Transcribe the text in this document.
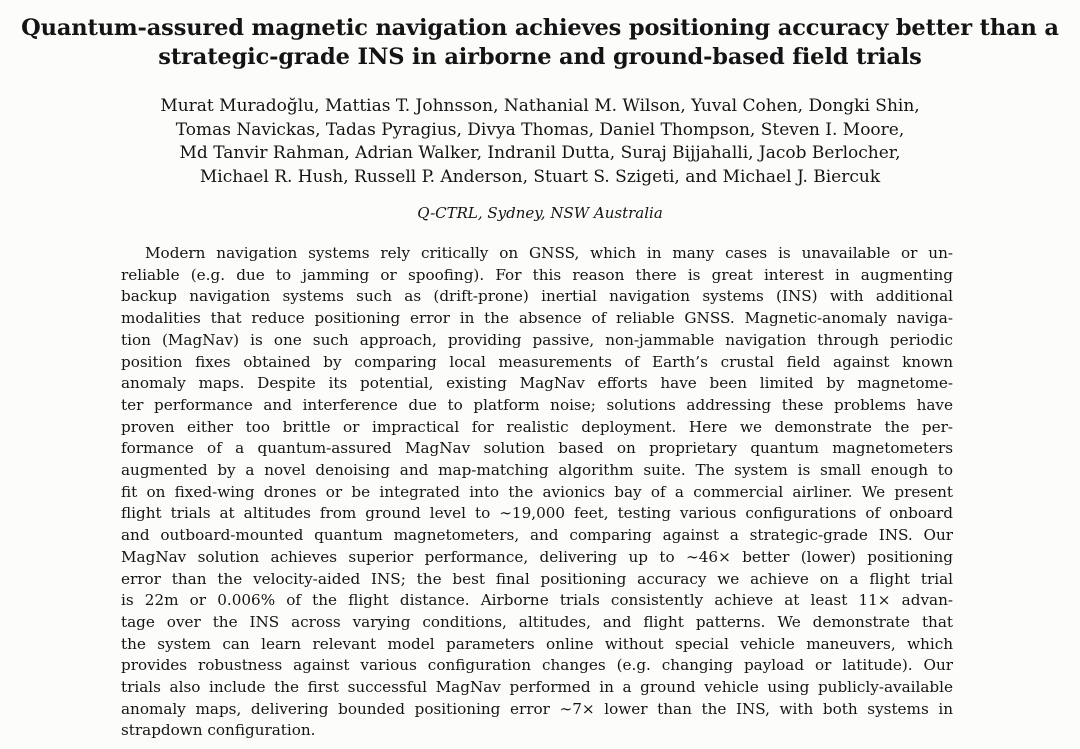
Quantum-assured magnetic navigation achieves positioning accuracy better than a
strategic-grade INS in airborne and ground-based field trials
Murat Muradoğlu, Mattias T. Johnsson, Nathanial M. Wilson, Yuval Cohen, Dongki Shin,
Tomas Navickas, Tadas Pyragius, Divya Thomas, Daniel Thompson, Steven I. Moore,
Md Tanvir Rahman, Adrian Walker, Indranil Dutta, Suraj Bijjahalli, Jacob Berlocher,
Michael R. Hush, Russell P. Anderson, Stuart S. Szigeti, and Michael J. Biercuk
Q-CTRL, Sydney, NSW Australia
Modern navigation systems rely critically on GNSS, which in many cases is unavailable or un-
reliable (e.g. due to jamming or spoofing). For this reason there is great interest in augmenting
backup navigation systems such as (drift-prone) inertial navigation systems (INS) with additional
modalities that reduce positioning error in the absence of reliable GNSS. Magnetic-anomaly naviga-
tion (MagNav) is one such approach, providing passive, non-jammable navigation through periodic
position fixes obtained by comparing local measurements of Earth’s crustal field against known
anomaly maps. Despite its potential, existing MagNav efforts have been limited by magnetome-
ter performance and interference due to platform noise; solutions addressing these problems have
proven either too brittle or impractical for realistic deployment. Here we demonstrate the per-
formance of a quantum-assured MagNav solution based on proprietary quantum magnetometers
augmented by a novel denoising and map-matching algorithm suite. The system is small enough to
fit on fixed-wing drones or be integrated into the avionics bay of a commercial airliner. We present
flight trials at altitudes from ground level to ∼19,000 feet, testing various configurations of onboard
and outboard-mounted quantum magnetometers, and comparing against a strategic-grade INS. Our
MagNav solution achieves superior performance, delivering up to ∼46× better (lower) positioning
error than the velocity-aided INS; the best final positioning accuracy we achieve on a flight trial
is 22m or 0.006% of the flight distance. Airborne trials consistently achieve at least 11× advan-
tage over the INS across varying conditions, altitudes, and flight patterns. We demonstrate that
the system can learn relevant model parameters online without special vehicle maneuvers, which
provides robustness against various configuration changes (e.g. changing payload or latitude). Our
trials also include the first successful MagNav performed in a ground vehicle using publicly-available
anomaly maps, delivering bounded positioning error ∼7× lower than the INS, with both systems in
strapdown configuration.
